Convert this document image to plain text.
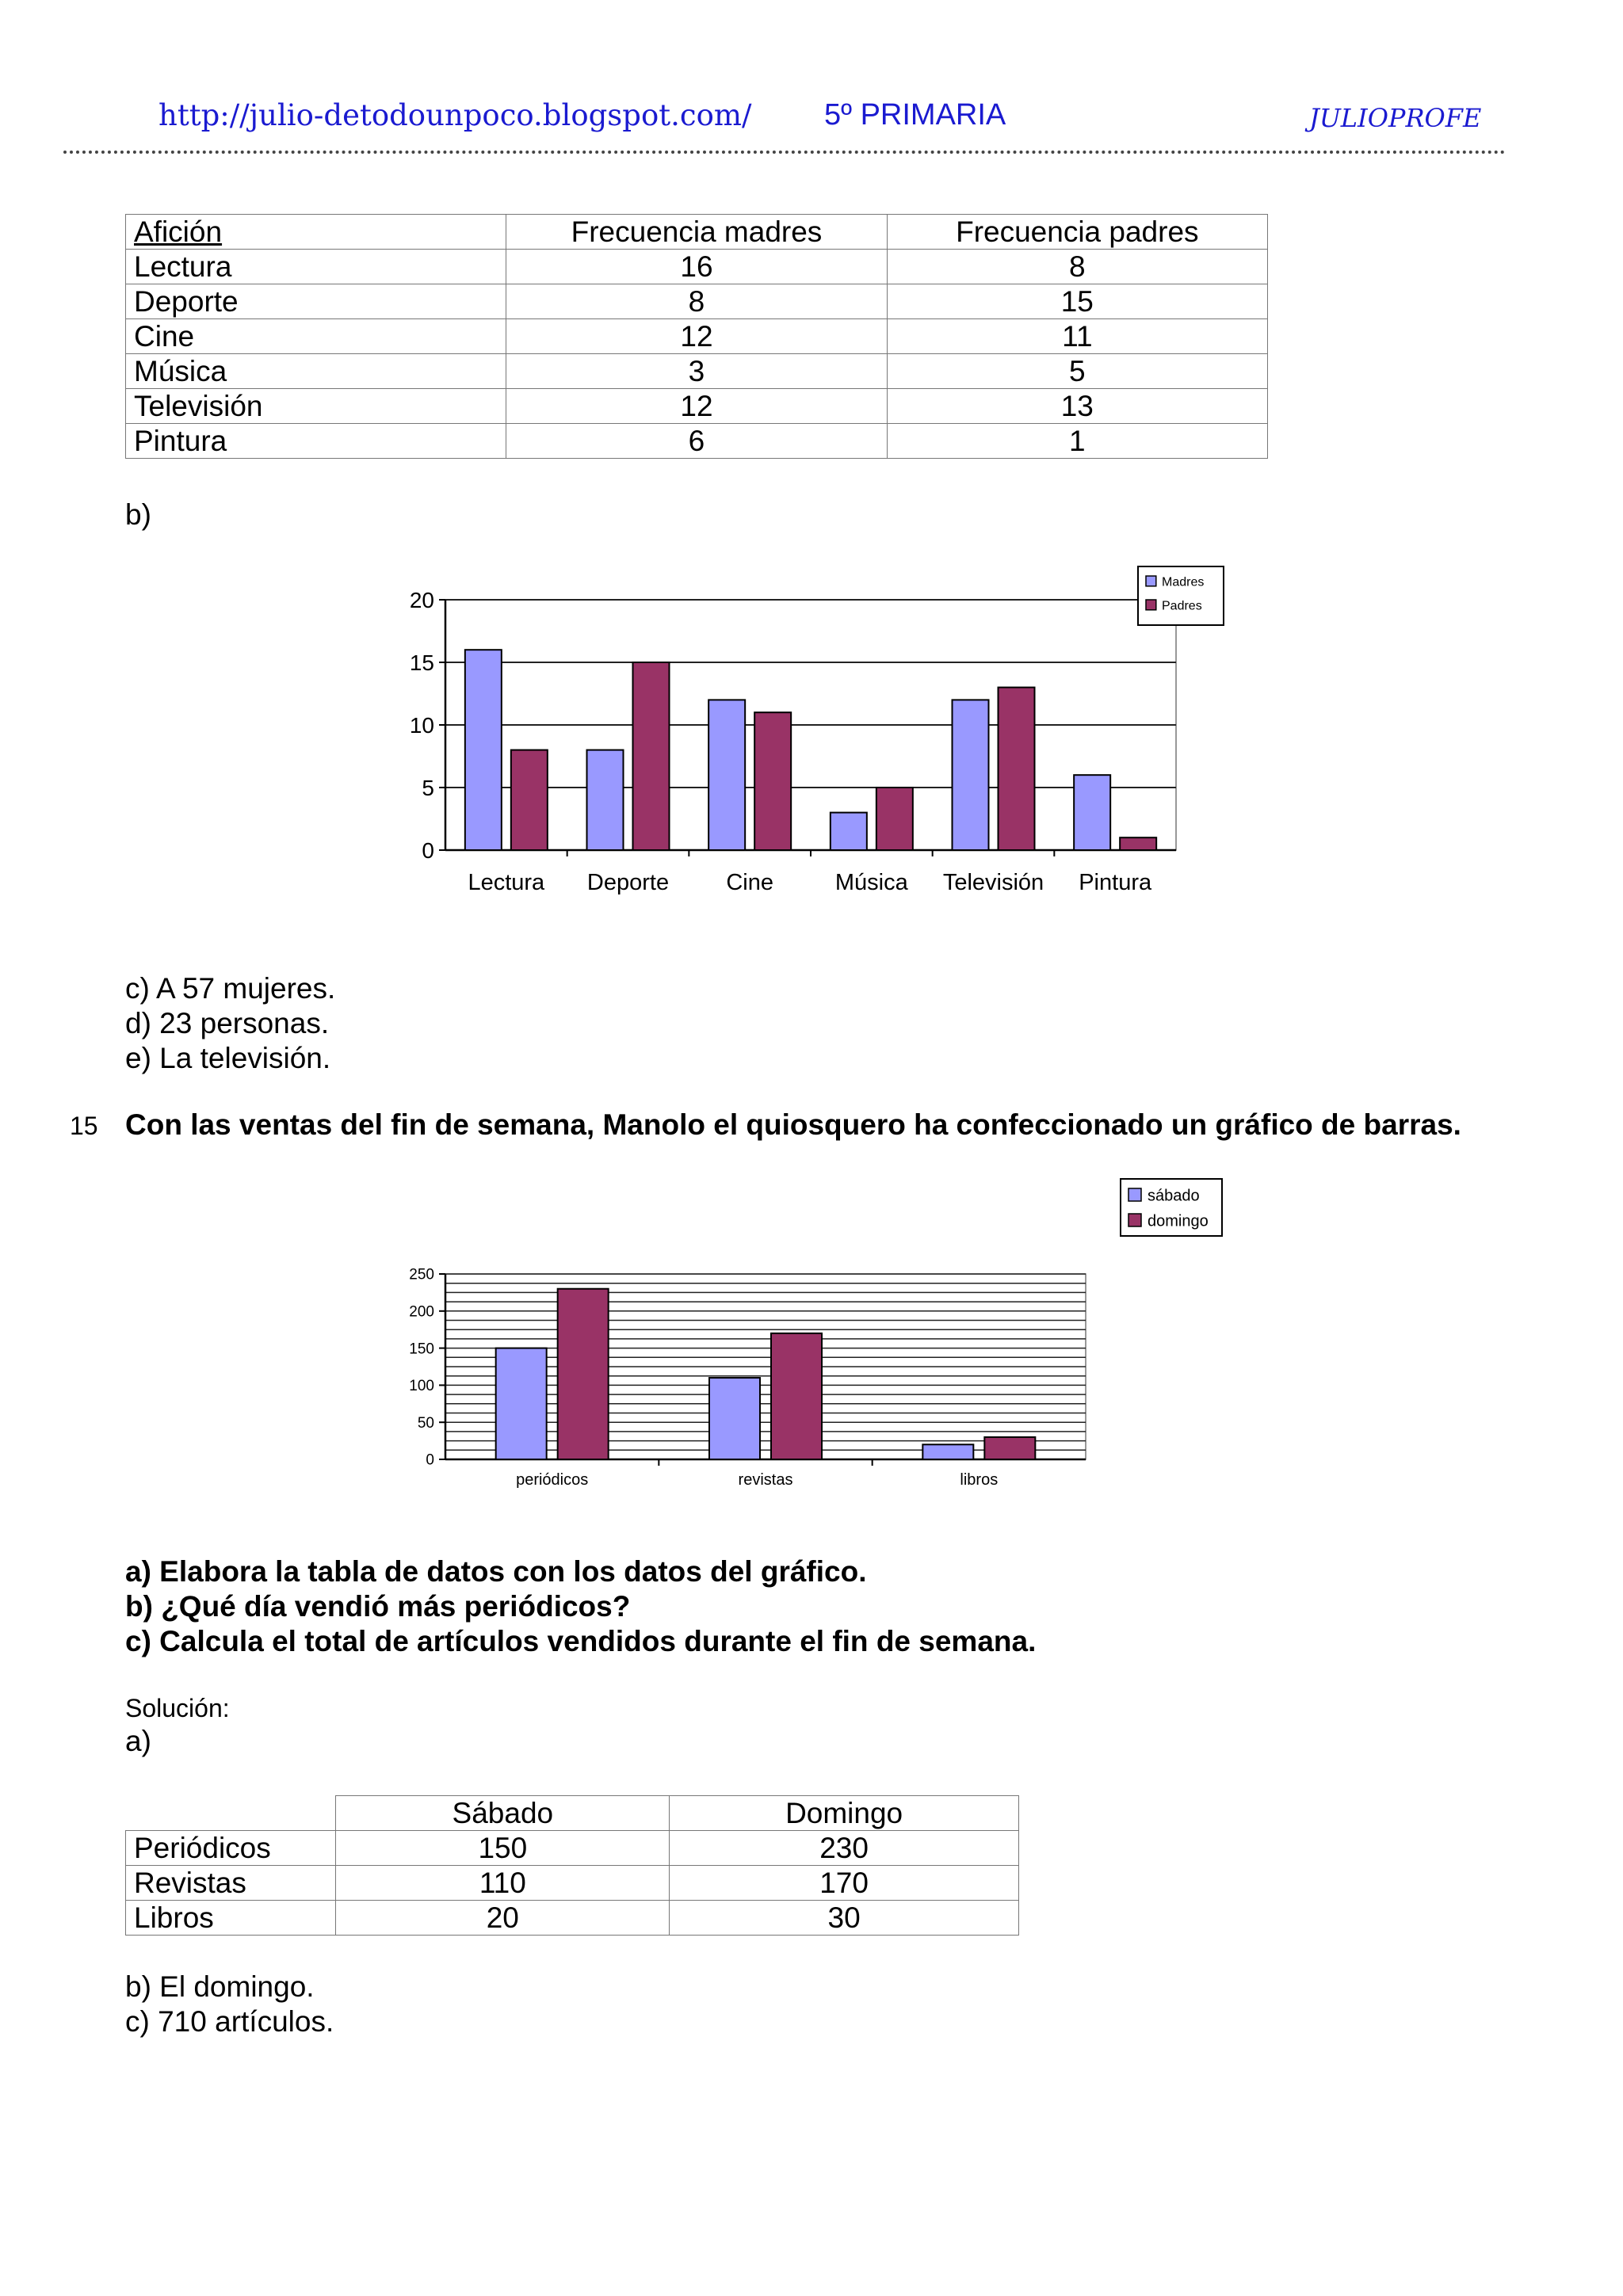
http://julio-detodounpoco.blogspot.com/ 5º PRIMARIA	JULIOPROFE
Afición	Frecuencia madres	Frecuencia padres
Lectura	16	8
Deporte	8	15
Cine	12	11
Música	3	5
Televisión	12	13
Pintura	6	1
b)
0
5
10
15
20
Lectura Deporte Cine	Música Televisión Pintura
Madres
Padres
c) A 57 mujeres.
d) 23 personas.
e) La televisión.
15 Con las ventas del fin de semana, Manolo el quiosquero ha confeccionado un gráfico de barras.
0
50
100
150
200
250
periódicos	revistas	libros
sábado
domingo
a) Elabora la tabla de datos con los datos del gráfico.
b) ¿Qué día vendió más periódicos?
c) Calcula el total de artículos vendidos durante el fin de semana.
Solución:
a)
	Sábado	Domingo
Periódicos	150	230
Revistas	110	170
Libros	20	30
b) El domingo.
c) 710 artículos.
